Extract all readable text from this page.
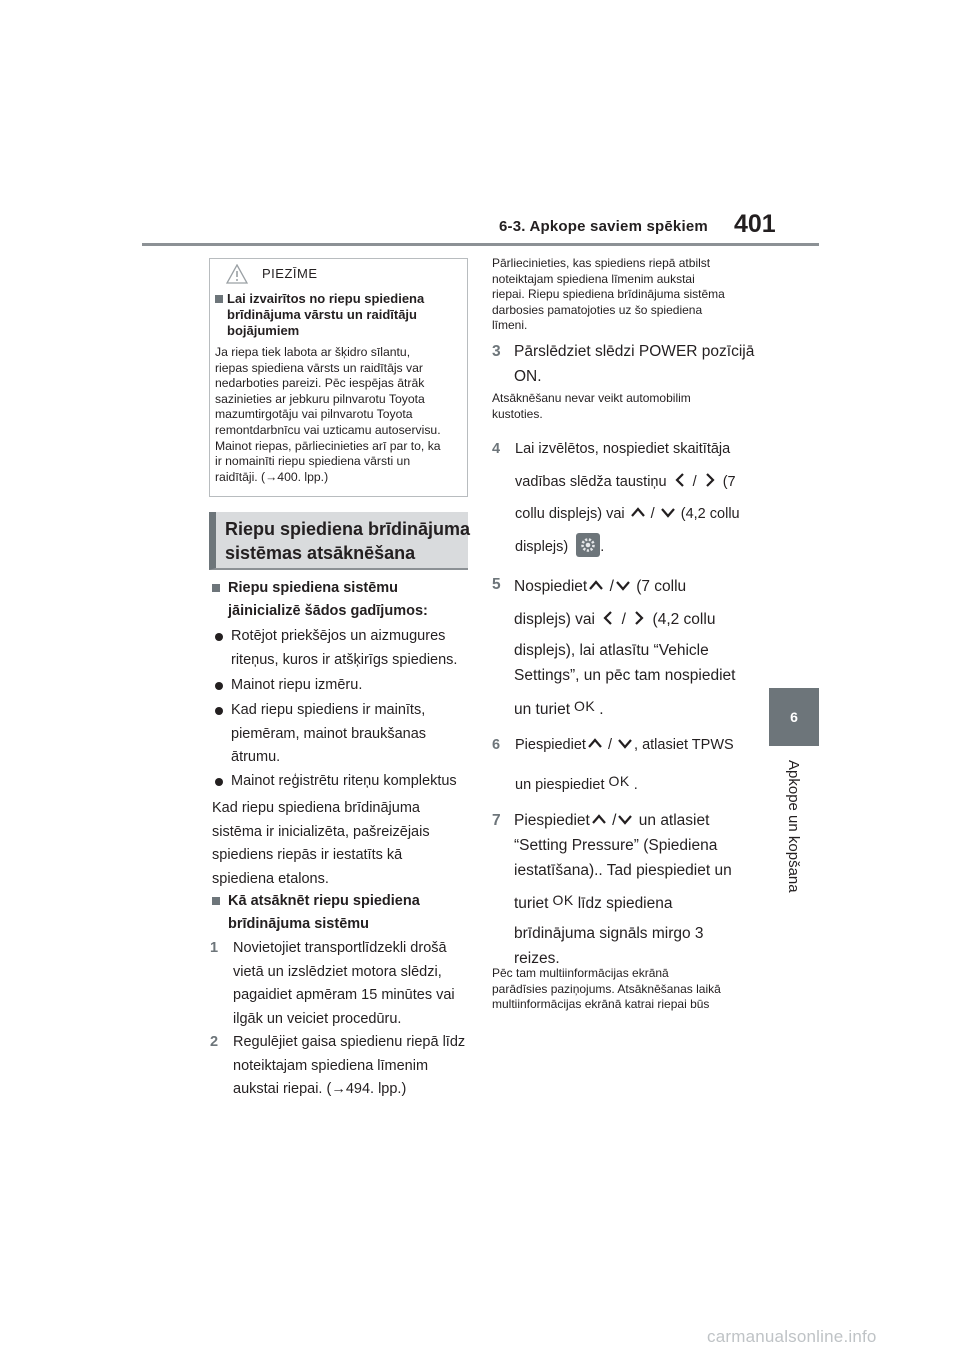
6-3. Apkope saviem spēkiem 401
6
Apkope un kopšana
PIEZĪME
Lai izvairītos no riepu spiediena brīdinājuma vārstu un raidītāju bojājumiem
Ja riepa tiek labota ar šķidro sīlantu,
riepas spiediena vārsts un raidītājs var
nedarboties pareizi. Pēc iespējas ātrāk
sazinieties ar jebkuru pilnvarotu Toyota
mazumtirgotāju vai pilnvarotu Toyota
remontdarbnīcu vai uzticamu autoservisu.
Mainot riepas, pārliecinieties arī par to, ka
ir nomainīti riepu spiediena vārsti un
raidītāji. (→400. lpp.)
Riepu spiediena brīdinājuma
sistēmas atsāknēšana
Riepu spiediena sistēmu
jāinicializē šādos gadījumos:
Rotējot priekšējos un aizmugures
riteņus, kuros ir atšķirīgs spiediens.
Mainot riepu izmēru.
Kad riepu spiediens ir mainīts,
piemēram, mainot braukšanas
ātrumu.
Mainot reģistrētu riteņu komplektus
Kad riepu spiediena brīdinājuma
sistēma ir inicializēta, pašreizējais
spiediens riepās ir iestatīts kā
spiediena etalons.
Kā atsāknēt riepu spiediena
brīdinājuma sistēmu
1 Novietojiet transportlīdzekli drošā
vietā un izslēdziet motora slēdzi,
pagaidiet apmēram 15 minūtes vai
ilgāk un veiciet procedūru.
2 Regulējiet gaisa spiedienu riepā līdz
noteiktajam spiediena līmenim
aukstai riepai. (→494. lpp.)
Pārliecinieties, kas spiediens riepā atbilst
noteiktajam spiediena līmenim aukstai
riepai. Riepu spiediena brīdinājuma sistēma
darbosies pamatojoties uz šo spiediena
līmeni.
3 Pārslēdziet slēdzi POWER pozīcijā
ON.
Atsāknēšanu nevar veikt automobilim
kustoties.
4 Lai izvēlētos, nospiediet skaitītāja
vadības slēdža taustiņu / (7
collu displejs) vai / (4,2 collu
displejs) .
5 Nospiediet / (7 collu
displejs) vai / (4,2 collu
displejs), lai atlasītu “Vehicle
Settings”, un pēc tam nospiediet
un turiet OK .
6 Piespiediet / , atlasiet TPWS
un piespiediet OK .
7 Piespiediet / un atlasiet
“Setting Pressure” (Spiediena
iestatīšana).. Tad piespiediet un
turiet OK līdz spiediena
brīdinājuma signāls mirgo 3
reizes.
Pēc tam multiinformācijas ekrānā
parādīsies paziņojums. Atsāknēšanas laikā
multiinformācijas ekrānā katrai riepai būs
carmanualsonline.info
